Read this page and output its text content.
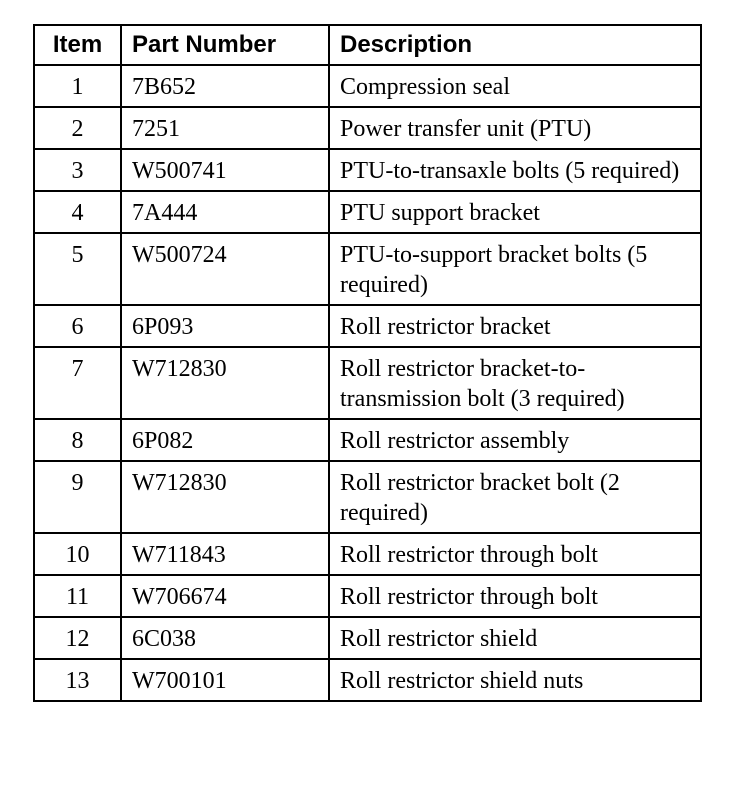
Item	Part Number	Description
1	7B652	Compression seal
2	7251	Power transfer unit (PTU)
3	W500741	PTU-to-transaxle bolts (5 required)
4	7A444	PTU support bracket
5	W500724	PTU-to-support bracket bolts (5 required)
6	6P093	Roll restrictor bracket
7	W712830	Roll restrictor bracket-to-transmission bolt (3 required)
8	6P082	Roll restrictor assembly
9	W712830	Roll restrictor bracket bolt (2 required)
10	W711843	Roll restrictor through bolt
11	W706674	Roll restrictor through bolt
12	6C038	Roll restrictor shield
13	W700101	Roll restrictor shield nuts
